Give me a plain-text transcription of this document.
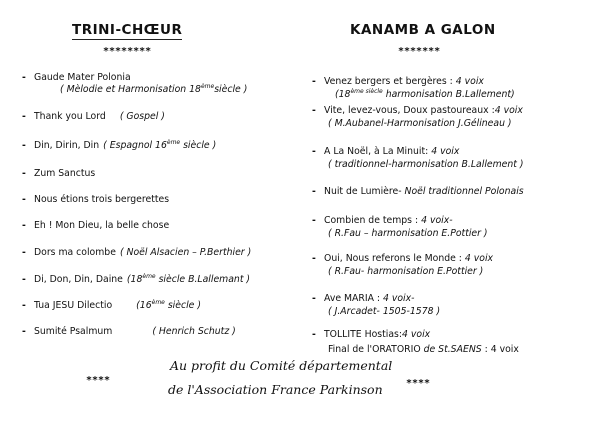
TRINI-CHŒUR
********
- Gaude Mater Polonia
( Mèlodie et Harmonisation 18èmesiècle )
- Thank you Lord ( Gospel )
- Din, Dirin, Din ( Espagnol 16ème siècle )
- Zum Sanctus
- Nous étions trois bergerettes
- Eh ! Mon Dieu, la belle chose
- Dors ma colombe ( Noël Alsacien – P.Berthier )
- Di, Don, Din, Daine (18ème siècle B.Lallemant )
- Tua JESU Dilectio	(16ème siècle )
- Sumité Psalmum	( Henrich Schutz )
KANAMB A GALON
*******
- Venez bergers et bergères : 4 voix
($18^{ème siècle}$ harmonisation B.Lallement)
- Vite, levez-vous, Doux pastoureaux :4 voix
( M.Aubanel-Harmonisation J.Gélineau )
- A La Noël, à La Minuit: 4 voix
( traditionnel-harmonisation B.Lallement )
- Nuit de Lumière- Noël traditionnel Polonais
- Combien de temps : 4 voix-
( R.Fau – harmonisation E.Pottier )
- Oui, Nous referons le Monde : 4 voix
( R.Fau- harmonisation E.Pottier )
- Ave MARIA : 4 voix-
( J.Arcadet- 1505-1578 )
- TOLLITE Hostias:4 voix
Final de l'ORATORIO de St.SAENS : 4 voix
****
Au profit du Comité départemental
de l'Association France Parkinson ****
